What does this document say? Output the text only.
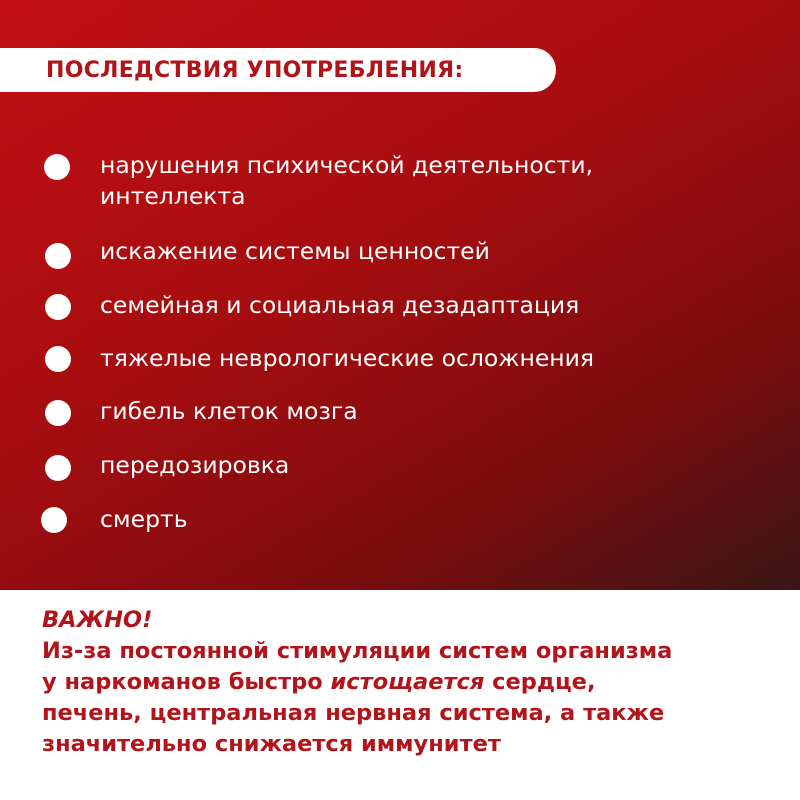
ПОСЛЕДСТВИЯ УПОТРЕБЛЕНИЯ:
нарушения психической деятельности,
интеллекта
искажение системы ценностей
семейная и социальная дезадаптация
тяжелые неврологические осложнения
гибель клеток мозга
передозировка
смерть
ВАЖНО!
Из-за постоянной стимуляции систем организма
у наркоманов быстро истощается сердце,
печень, центральная нервная система, а также
значительно снижается иммунитет
